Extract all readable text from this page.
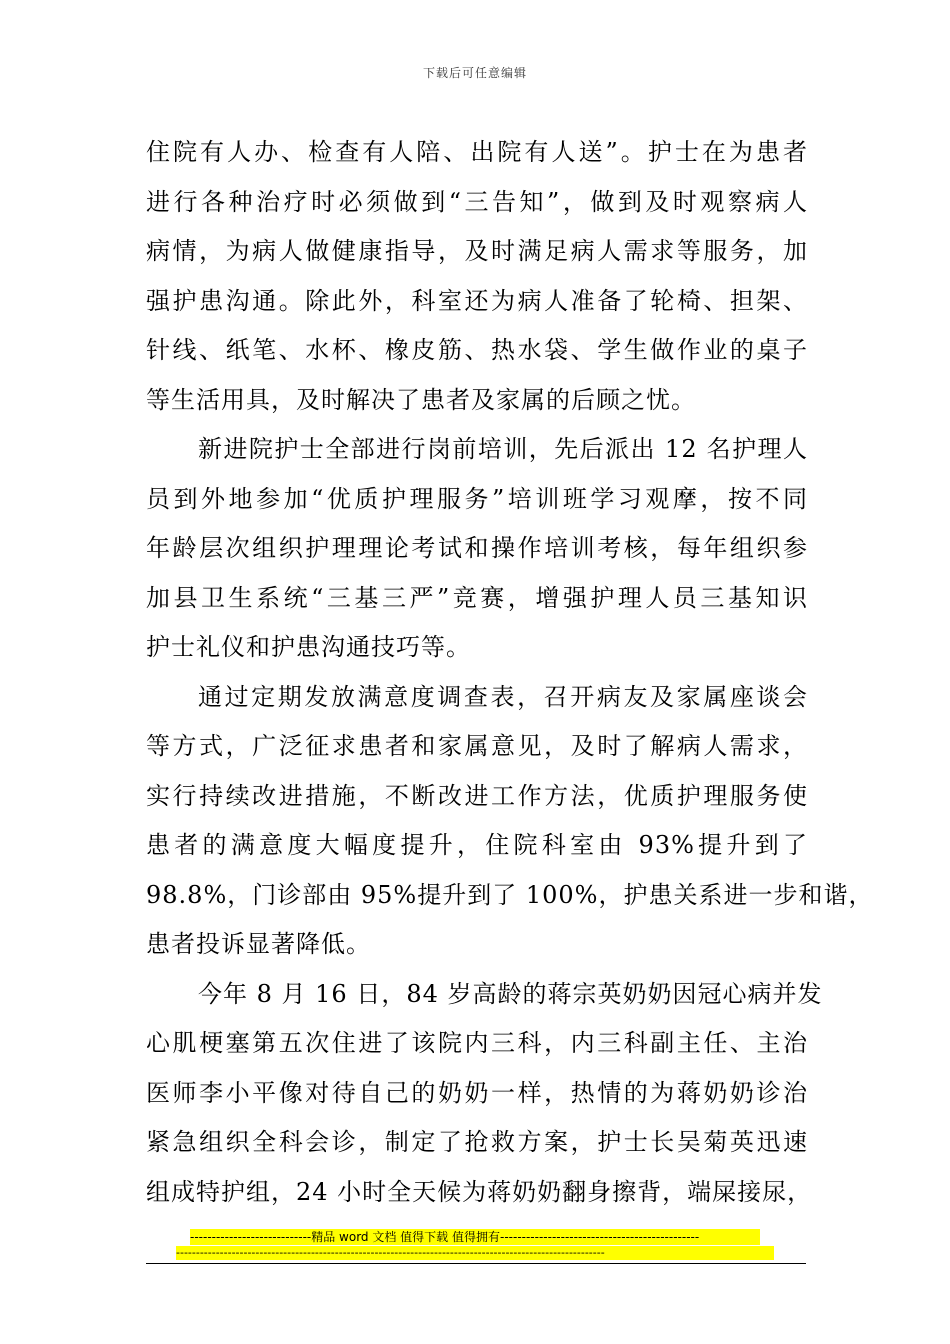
下载后可任意编辑
住院有人办、检查有人陪、出院有人送”。护士在为患者
进行各种治疗时必须做到“三告知”，做到及时观察病人
病情，为病人做健康指导，及时满足病人需求等服务，加
强护患沟通。除此外，科室还为病人准备了轮椅、担架、
针线、纸笔、水杯、橡皮筋、热水袋、学生做作业的桌子
等生活用具，及时解决了患者及家属的后顾之忧。
新进院护士全部进行岗前培训，先后派出 12 名护理人
员到外地参加“优质护理服务”培训班学习观摩，按不同
年龄层次组织护理理论考试和操作培训考核，每年组织参
加县卫生系统“三基三严”竞赛，增强护理人员三基知识
护士礼仪和护患沟通技巧等。
通过定期发放满意度调查表，召开病友及家属座谈会
等方式，广泛征求患者和家属意见，及时了解病人需求，
实行持续改进措施，不断改进工作方法，优质护理服务使
患者的满意度大幅度提升，住院科室由 93%提升到了
98.8%，门诊部由 95%提升到了 100%，护患关系进一步和谐，
患者投诉显著降低。
今年 8 月 16 日，84 岁高龄的蒋宗英奶奶因冠心病并发
心肌梗塞第五次住进了该院内三科，内三科副主任、主治
医师李小平像对待自己的奶奶一样，热情的为蒋奶奶诊治
紧急组织全科会诊，制定了抢救方案，护士长吴菊英迅速
组成特护组，24 小时全天候为蒋奶奶翻身擦背，端屎接尿，
----------------------------精品 word 文档 值得下载 值得拥有----------------------------------------------
------------------------------------------------------------------------------------------------------------
